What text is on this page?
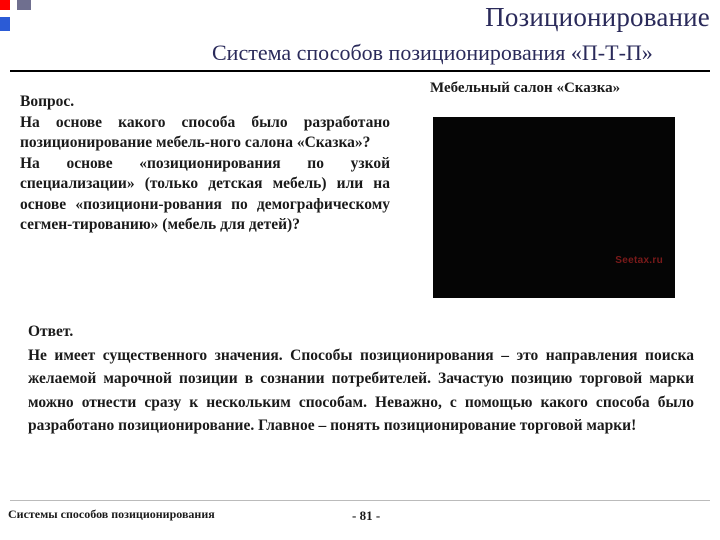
Позиционирование
Система способов позиционирования «П-Т-П»

Вопрос.

На основе какого способа было разработано позиционирование мебель-ного салона «Сказка»?

На основе «позиционирования по узкой специализации» (только детская мебель) или на основе «позициони-рования по демографическому сегмен-тированию» (мебель для детей)?

Мебельный салон «Сказка»
Seetax.ru

Ответ.

Не имеет существенного значения. Способы позиционирования – это направления поиска желаемой марочной позиции в сознании потребителей. Зачастую позицию торговой марки можно отнести сразу к нескольким способам. Неважно, с помощью какого способа было разработано позиционирование. Главное – понять позиционирование торговой марки!

Системы способов позиционирования	- 81 -
